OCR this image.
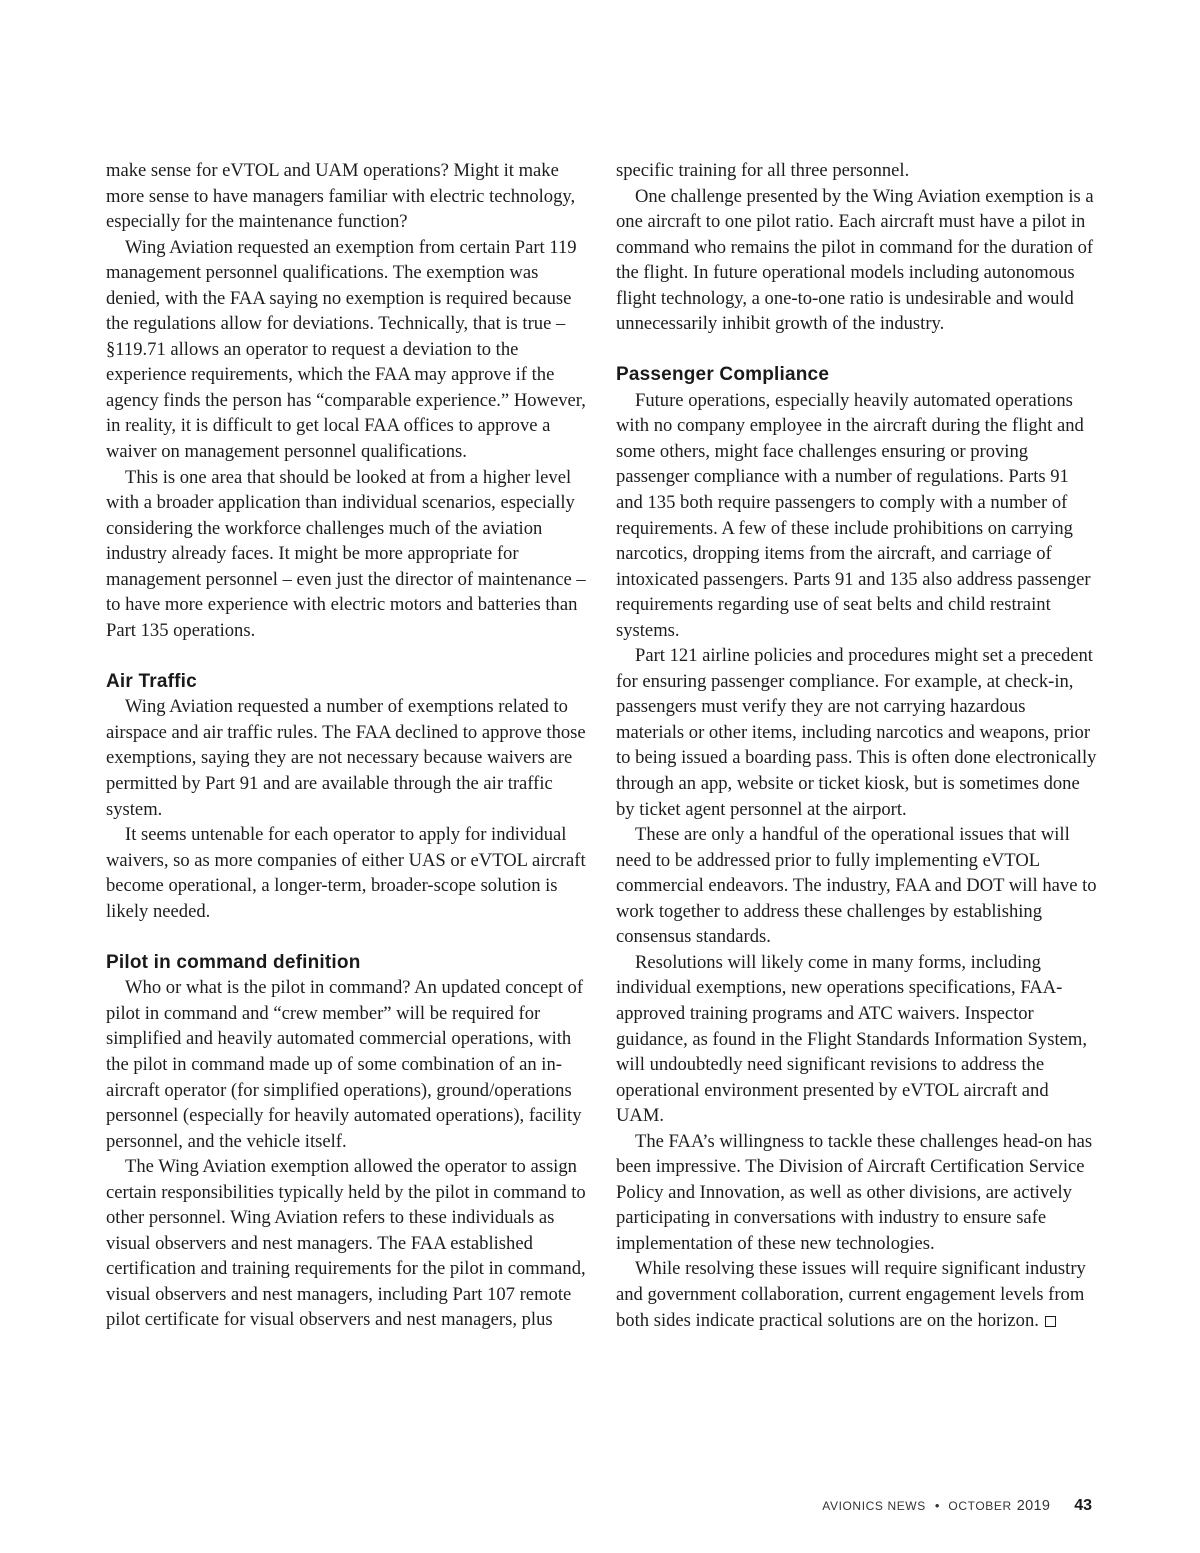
make sense for eVTOL and UAM operations? Might it make more sense to have managers familiar with electric technology, especially for the maintenance function?

Wing Aviation requested an exemption from certain Part 119 management personnel qualifications. The exemption was denied, with the FAA saying no exemption is required because the regulations allow for deviations. Technically, that is true – §119.71 allows an operator to request a deviation to the experience requirements, which the FAA may approve if the agency finds the person has “comparable experience.” However, in reality, it is difficult to get local FAA offices to approve a waiver on management personnel qualifications.

This is one area that should be looked at from a higher level with a broader application than individual scenarios, especially considering the workforce challenges much of the aviation industry already faces. It might be more appropriate for management personnel – even just the director of maintenance – to have more experience with electric motors and batteries than Part 135 operations.

Air Traffic

Wing Aviation requested a number of exemptions related to airspace and air traffic rules. The FAA declined to approve those exemptions, saying they are not necessary because waivers are permitted by Part 91 and are available through the air traffic system.

It seems untenable for each operator to apply for individual waivers, so as more companies of either UAS or eVTOL aircraft become operational, a longer-term, broader-scope solution is likely needed.

Pilot in command definition

Who or what is the pilot in command? An updated concept of pilot in command and “crew member” will be required for simplified and heavily automated commercial operations, with the pilot in command made up of some combination of an in-aircraft operator (for simplified operations), ground/operations personnel (especially for heavily automated operations), facility personnel, and the vehicle itself.

The Wing Aviation exemption allowed the operator to assign certain responsibilities typically held by the pilot in command to other personnel. Wing Aviation refers to these individuals as visual observers and nest managers. The FAA established certification and training requirements for the pilot in command, visual observers and nest managers, including Part 107 remote pilot certificate for visual observers and nest managers, plus

specific training for all three personnel.

One challenge presented by the Wing Aviation exemption is a one aircraft to one pilot ratio. Each aircraft must have a pilot in command who remains the pilot in command for the duration of the flight. In future operational models including autonomous flight technology, a one-to-one ratio is undesirable and would unnecessarily inhibit growth of the industry.

Passenger Compliance

Future operations, especially heavily automated operations with no company employee in the aircraft during the flight and some others, might face challenges ensuring or proving passenger compliance with a number of regulations. Parts 91 and 135 both require passengers to comply with a number of requirements. A few of these include prohibitions on carrying narcotics, dropping items from the aircraft, and carriage of intoxicated passengers. Parts 91 and 135 also address passenger requirements regarding use of seat belts and child restraint systems.

Part 121 airline policies and procedures might set a precedent for ensuring passenger compliance. For example, at check-in, passengers must verify they are not carrying hazardous materials or other items, including narcotics and weapons, prior to being issued a boarding pass. This is often done electronically through an app, website or ticket kiosk, but is sometimes done by ticket agent personnel at the airport.

These are only a handful of the operational issues that will need to be addressed prior to fully implementing eVTOL commercial endeavors. The industry, FAA and DOT will have to work together to address these challenges by establishing consensus standards.

Resolutions will likely come in many forms, including individual exemptions, new operations specifications, FAA-approved training programs and ATC waivers. Inspector guidance, as found in the Flight Standards Information System, will undoubtedly need significant revisions to address the operational environment presented by eVTOL aircraft and UAM.

The FAA’s willingness to tackle these challenges head-on has been impressive. The Division of Aircraft Certification Service Policy and Innovation, as well as other divisions, are actively participating in conversations with industry to ensure safe implementation of these new technologies.

While resolving these issues will require significant industry and government collaboration, current engagement levels from both sides indicate practical solutions are on the horizon.

AVIONICS NEWS • OCTOBER 2019 43
